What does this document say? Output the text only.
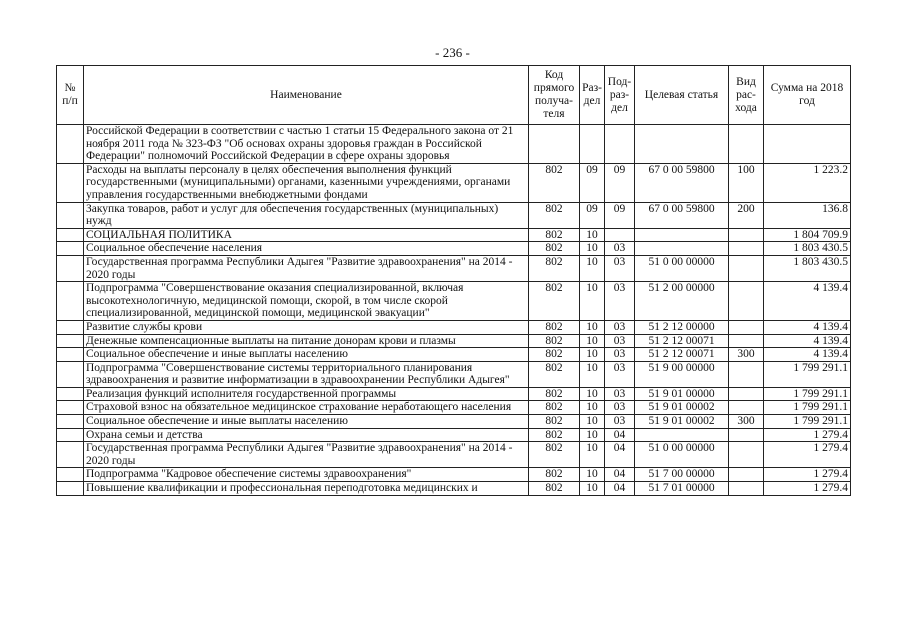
- 236 -
№ п/п	Наименование	Код прямого получа-теля	Раз-дел	Под-раз-дел	Целевая статья	Вид рас-хода	Сумма на 2018 год
	Российской Федерации в соответствии с частью 1 статьи 15 Федерального закона от 21 ноября 2011 года № 323-ФЗ "Об основах охраны здоровья граждан в Российской Федерации" полномочий Российской Федерации в сфере охраны здоровья						
	Расходы на выплаты персоналу в целях обеспечения выполнения функций государственными (муниципальными) органами, казенными учреждениями, органами управления государственными внебюджетными фондами	802	09	09	67 0 00 59800	100	1 223.2
	Закупка товаров, работ и услуг для обеспечения государственных (муниципальных) нужд	802	09	09	67 0 00 59800	200	136.8
	СОЦИАЛЬНАЯ ПОЛИТИКА	802	10				1 804 709.9
	Социальное обеспечение населения	802	10	03			1 803 430.5
	Государственная программа Республики Адыгея "Развитие здравоохранения" на 2014 - 2020 годы	802	10	03	51 0 00 00000		1 803 430.5
	Подпрограмма "Совершенствование оказания специализированной, включая высокотехнологичную, медицинской помощи, скорой, в том числе скорой специализированной, медицинской помощи, медицинской эвакуации"	802	10	03	51 2 00 00000		4 139.4
	Развитие службы крови	802	10	03	51 2 12 00000		4 139.4
	Денежные компенсационные выплаты на питание донорам крови и плазмы	802	10	03	51 2 12 00071		4 139.4
	Социальное обеспечение и иные выплаты населению	802	10	03	51 2 12 00071	300	4 139.4
	Подпрограмма "Совершенствование системы территориального планирования здравоохранения и развитие информатизации в здравоохранении Республики Адыгея"	802	10	03	51 9 00 00000		1 799 291.1
	Реализация функций исполнителя государственной программы	802	10	03	51 9 01 00000		1 799 291.1
	Страховой взнос на обязательное медицинское страхование неработающего населения	802	10	03	51 9 01 00002		1 799 291.1
	Социальное обеспечение и иные выплаты населению	802	10	03	51 9 01 00002	300	1 799 291.1
	Охрана семьи и детства	802	10	04			1 279.4
	Государственная программа Республики Адыгея "Развитие здравоохранения" на 2014 - 2020 годы	802	10	04	51 0 00 00000		1 279.4
	Подпрограмма "Кадровое обеспечение системы здравоохранения"	802	10	04	51 7 00 00000		1 279.4
	Повышение квалификации и профессиональная переподготовка медицинских и	802	10	04	51 7 01 00000		1 279.4
